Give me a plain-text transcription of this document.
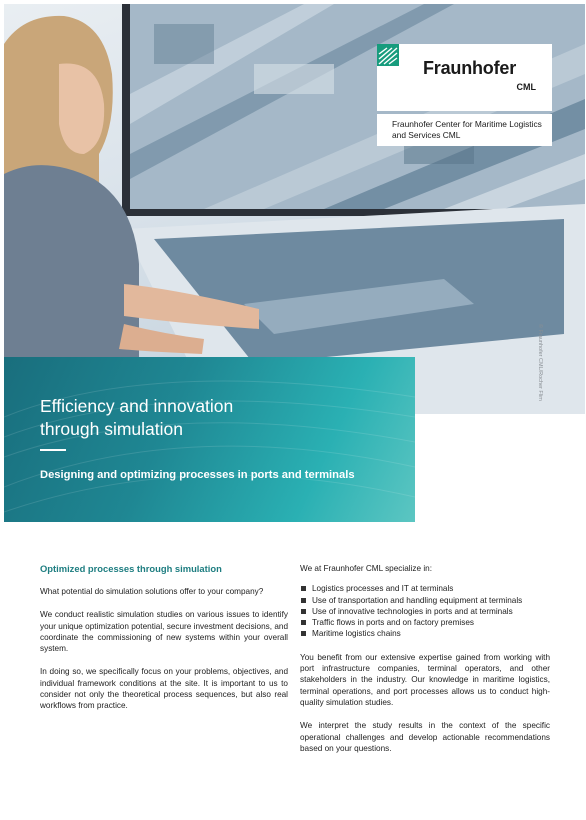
Fraunhofer
CML
Fraunhofer Center for Maritime Logistics and Services CML
© Fraunhofer CML/Rocher Flim
Efficiency and innovation
through simulation
Designing and optimizing processes in ports and terminals
Optimized processes through simulation

What potential do simulation solutions offer to your company?

We conduct realistic simulation studies on various issues to identify your unique optimization potential, secure investment decisions, and coordinate the commissioning of new systems within your overall system.

In doing so, we specifically focus on your problems, objectives, and individual framework conditions at the site. It is important to us to consider not only the theoretical process sequences, but also real workflows from practice.

We at Fraunhofer CML specialize in:

Logistics processes and IT at terminals
Use of transportation and handling equipment at terminals
Use of innovative technologies in ports and at terminals
Traffic flows in ports and on factory premises
Maritime logistics chains

You benefit from our extensive expertise gained from working with port infrastructure companies, terminal operators, and other stakeholders in the industry. Our knowledge in maritime logistics, terminal operations, and port processes allows us to conduct high-quality simulation studies.

We interpret the study results in the context of the specific operational challenges and develop actionable recommendations based on your questions.
